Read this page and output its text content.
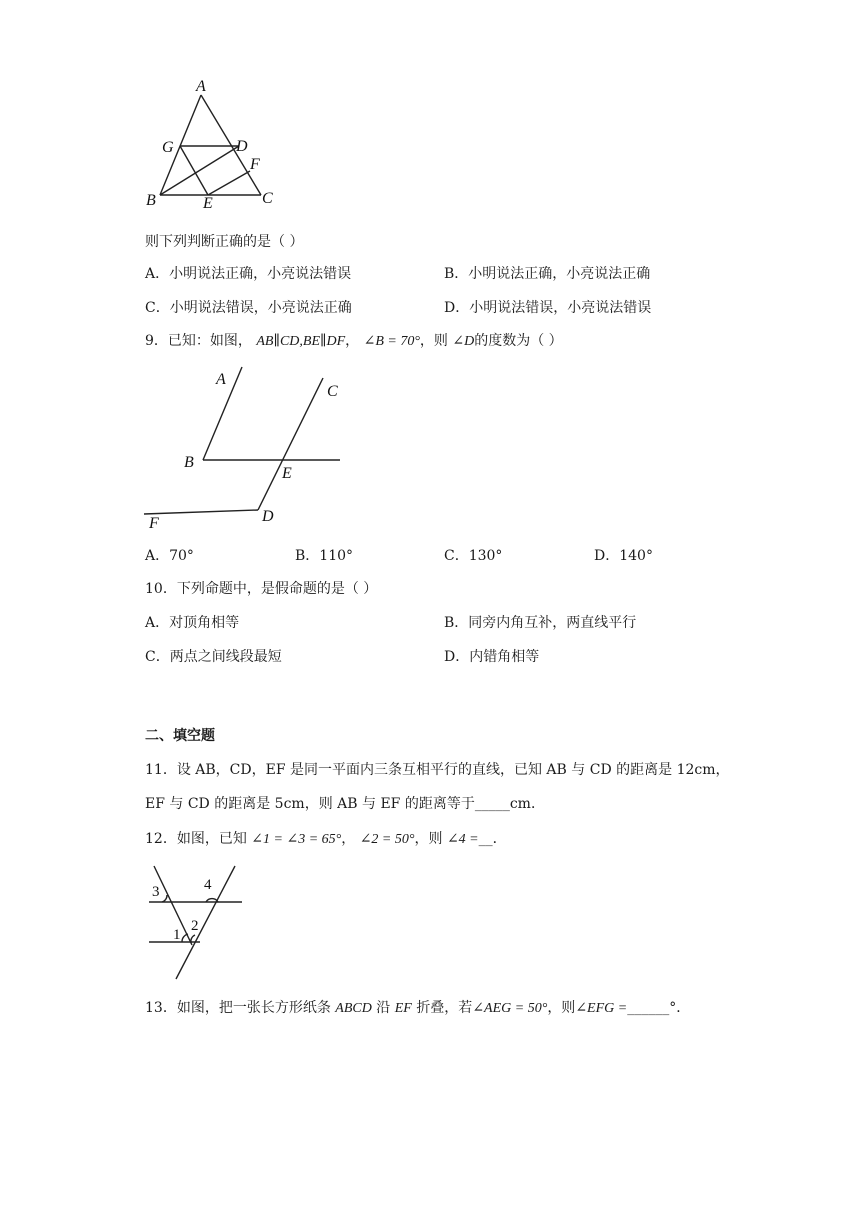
A
G	D
F
B	E	C
则下列判断正确的是（ ）
A．小明说法正确，小亮说法错误	B．小明说法正确，小亮说法正确
C．小明说法错误，小亮说法正确	D．小明说法错误，小亮说法错误
9．已知：如图， AB∥CD,BE∥DF， ∠B = 70°，则 ∠D的度数为（ ）
A
C
B
E
F	D
A．70°	B．110°	C．130°	D．140°
10．下列命题中，是假命题的是（ ）
A．对顶角相等	B．同旁内角互补，两直线平行
C．两点之间线段最短	D．内错角相等
二、填空题
11．设 AB，CD，EF 是同一平面内三条互相平行的直线，已知 AB 与 CD 的距离是 12cm，
EF 与 CD 的距离是 5cm，则 AB 与 EF 的距离等于_____cm．
12．如图，已知 ∠1 = ∠3 = 65°， ∠2 = 50°，则 ∠4 =__．
3	4
2
1
13．如图，把一张长方形纸条 ABCD 沿 EF 折叠，若∠AEG = 50°，则∠EFG =______°．
